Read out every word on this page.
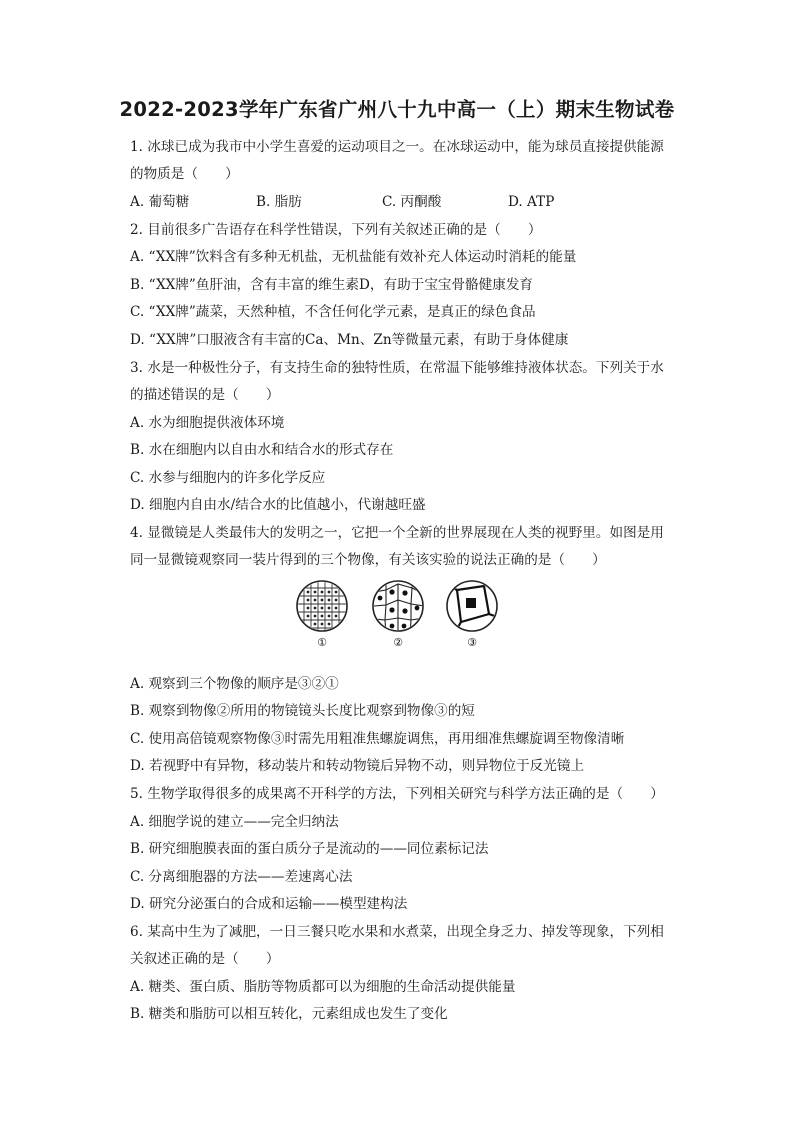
2022-2023学年广东省广州八十九中高一（上）期末生物试卷
1. 冰球已成为我市中小学生喜爱的运动项目之一。在冰球运动中，能为球员直接提供能源
的物质是（　　）
A. 葡萄糖	B. 脂肪	C. 丙酮酸	D. ATP
2. 目前很多广告语存在科学性错误，下列有关叙述正确的是（　　）
A. “XX牌”饮料含有多种无机盐，无机盐能有效补充人体运动时消耗的能量
B. “XX牌”鱼肝油，含有丰富的维生素D，有助于宝宝骨骼健康发育
C. “XX牌”蔬菜，天然种植，不含任何化学元素，是真正的绿色食品
D. “XX牌”口服液含有丰富的Ca、Mn、Zn等微量元素，有助于身体健康
3. 水是一种极性分子，有支持生命的独特性质，在常温下能够维持液体状态。下列关于水
的描述错误的是（　　）
A. 水为细胞提供液体环境
B. 水在细胞内以自由水和结合水的形式存在
C. 水参与细胞内的许多化学反应
D. 细胞内自由水/结合水的比值越小，代谢越旺盛
4. 显微镜是人类最伟大的发明之一，它把一个全新的世界展现在人类的视野里。如图是用
同一显微镜观察同一装片得到的三个物像，有关该实验的说法正确的是（　　）
①	②	③
A. 观察到三个物像的顺序是③②①
B. 观察到物像②所用的物镜镜头长度比观察到物像③的短
C. 使用高倍镜观察物像③时需先用粗准焦螺旋调焦，再用细准焦螺旋调至物像清晰
D. 若视野中有异物，移动装片和转动物镜后异物不动，则异物位于反光镜上
5. 生物学取得很多的成果离不开科学的方法，下列相关研究与科学方法正确的是（　　）
A. 细胞学说的建立——完全归纳法
B. 研究细胞膜表面的蛋白质分子是流动的——同位素标记法
C. 分离细胞器的方法——差速离心法
D. 研究分泌蛋白的合成和运输——模型建构法
6. 某高中生为了减肥，一日三餐只吃水果和水煮菜，出现全身乏力、掉发等现象，下列相
关叙述正确的是（　　）
A. 糖类、蛋白质、脂肪等物质都可以为细胞的生命活动提供能量
B. 糖类和脂肪可以相互转化，元素组成也发生了变化
